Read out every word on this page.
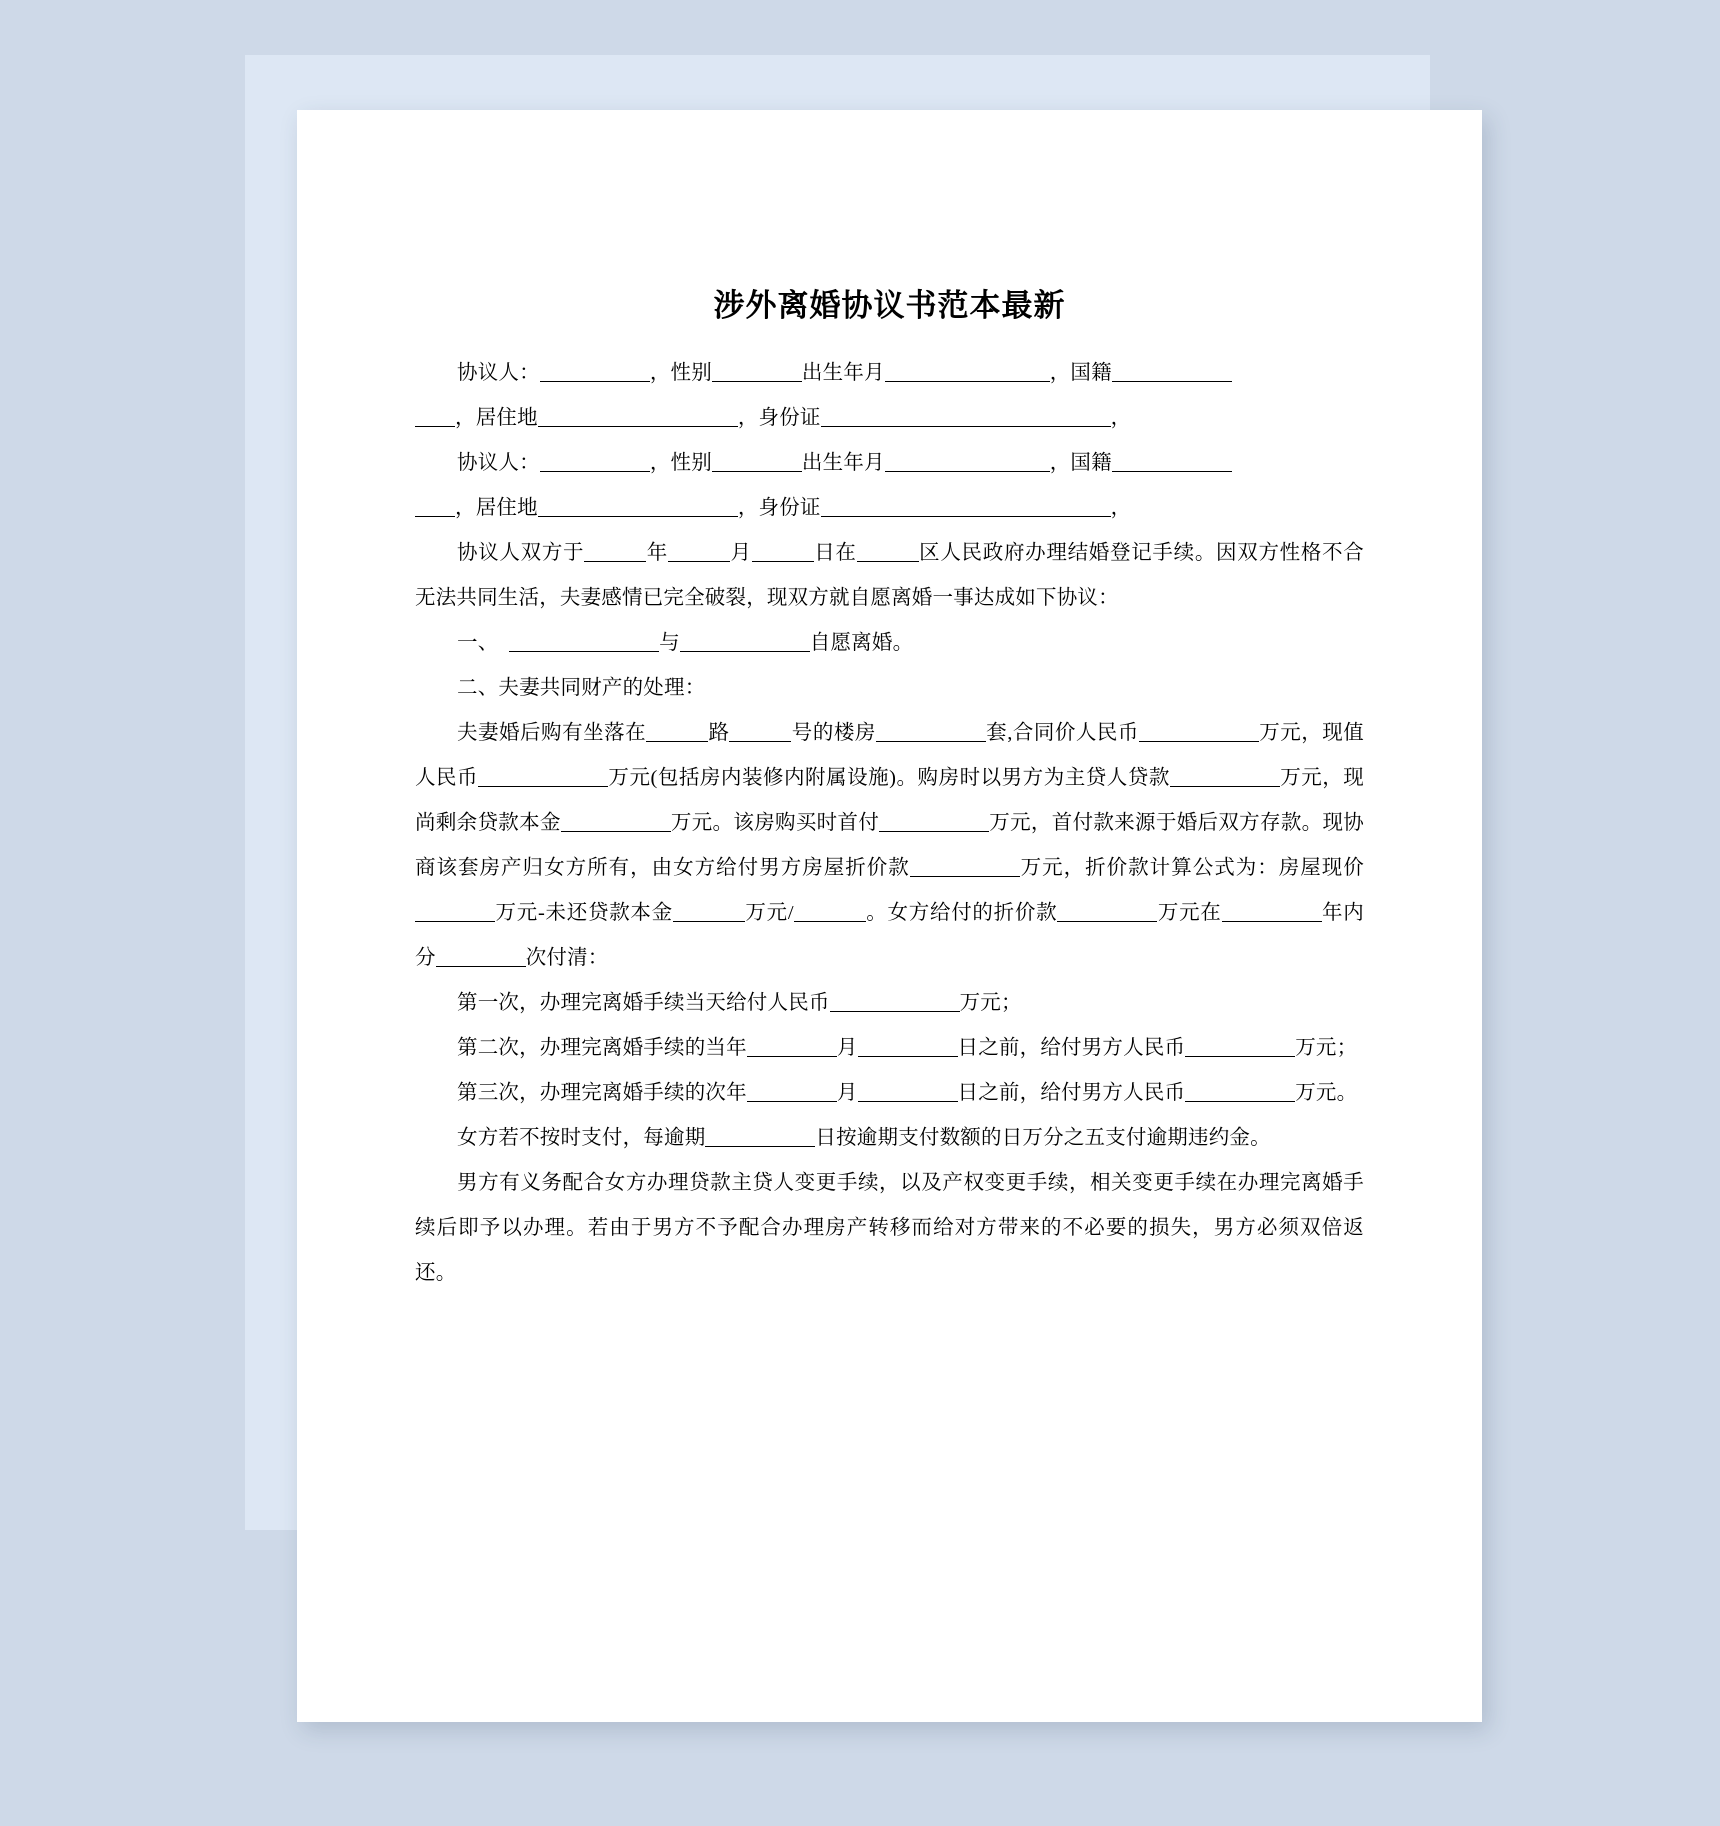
涉外离婚协议书范本最新

协议人：	，性别	出生年月	，国籍

，居住地	，身份证	，

协议人：	，性别	出生年月	，国籍

，居住地	，身份证	，

协议人双方于	年	月	日在	区人民政府办理结婚登记手续。因双方性格不合无法共同生活，夫妻感情已完全破裂，现双方就自愿离婚一事达成如下协议：

一、	与	自愿离婚。

二、夫妻共同财产的处理：

夫妻婚后购有坐落在	路	号的楼房	套,合同价人民币	万元，现值人民币	万元(包括房内装修内附属设施)。购房时以男方为主贷人贷款	万元，现尚剩余贷款本金	万元。该房购买时首付	万元，首付款来源于婚后双方存款。现协商该套房产归女方所有，由女方给付男方房屋折价款	万元，折价款计算公式为：房屋现价万元-未还贷款本金	万元/	。女方给付的折价款	万元在	年内分	次付清：

第一次，办理完离婚手续当天给付人民币	万元；

第二次，办理完离婚手续的当年	月	日之前，给付男方人民币	万元；

第三次，办理完离婚手续的次年	月	日之前，给付男方人民币	万元。

女方若不按时支付，每逾期	日按逾期支付数额的日万分之五支付逾期违约金。

男方有义务配合女方办理贷款主贷人变更手续，以及产权变更手续，相关变更手续在办理完离婚手续后即予以办理。若由于男方不予配合办理房产转移而给对方带来的不必要的损失，男方必须双倍返还。
